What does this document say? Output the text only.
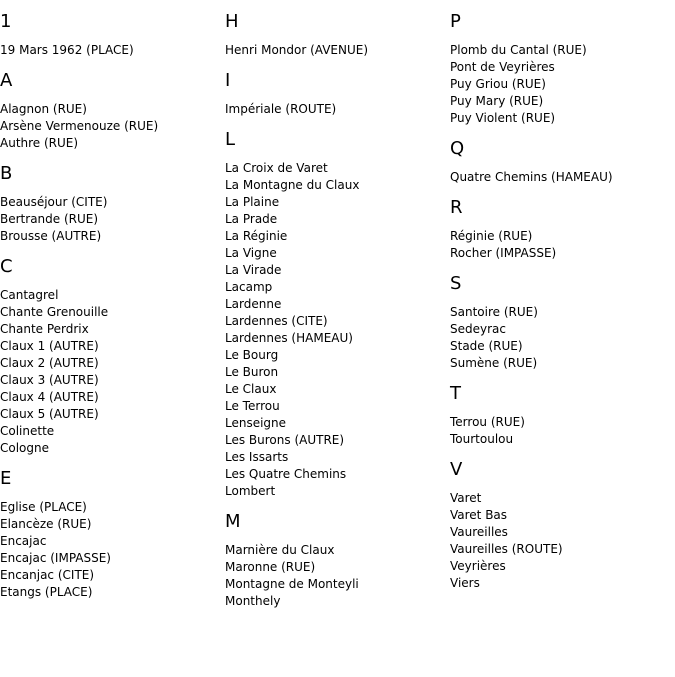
1
19 Mars 1962 (PLACE)
A
Alagnon (RUE)
Arsène Vermenouze (RUE)
Authre (RUE)
B
Beauséjour (CITE)
Bertrande (RUE)
Brousse (AUTRE)
C
Cantagrel
Chante Grenouille
Chante Perdrix
Claux 1 (AUTRE)
Claux 2 (AUTRE)
Claux 3 (AUTRE)
Claux 4 (AUTRE)
Claux 5 (AUTRE)
Colinette
Cologne
E
Eglise (PLACE)
Elancèze (RUE)
Encajac
Encajac (IMPASSE)
Encanjac (CITE)
Etangs (PLACE)
H
Henri Mondor (AVENUE)
I
Impériale (ROUTE)
L
La Croix de Varet
La Montagne du Claux
La Plaine
La Prade
La Réginie
La Vigne
La Virade
Lacamp
Lardenne
Lardennes (CITE)
Lardennes (HAMEAU)
Le Bourg
Le Buron
Le Claux
Le Terrou
Lenseigne
Les Burons (AUTRE)
Les Issarts
Les Quatre Chemins
Lombert
M
Marnière du Claux
Maronne (RUE)
Montagne de Monteyli
Monthely
P
Plomb du Cantal (RUE)
Pont de Veyrières
Puy Griou (RUE)
Puy Mary (RUE)
Puy Violent (RUE)
Q
Quatre Chemins (HAMEAU)
R
Réginie (RUE)
Rocher (IMPASSE)
S
Santoire (RUE)
Sedeyrac
Stade (RUE)
Sumène (RUE)
T
Terrou (RUE)
Tourtoulou
V
Varet
Varet Bas
Vaureilles
Vaureilles (ROUTE)
Veyrières
Viers
